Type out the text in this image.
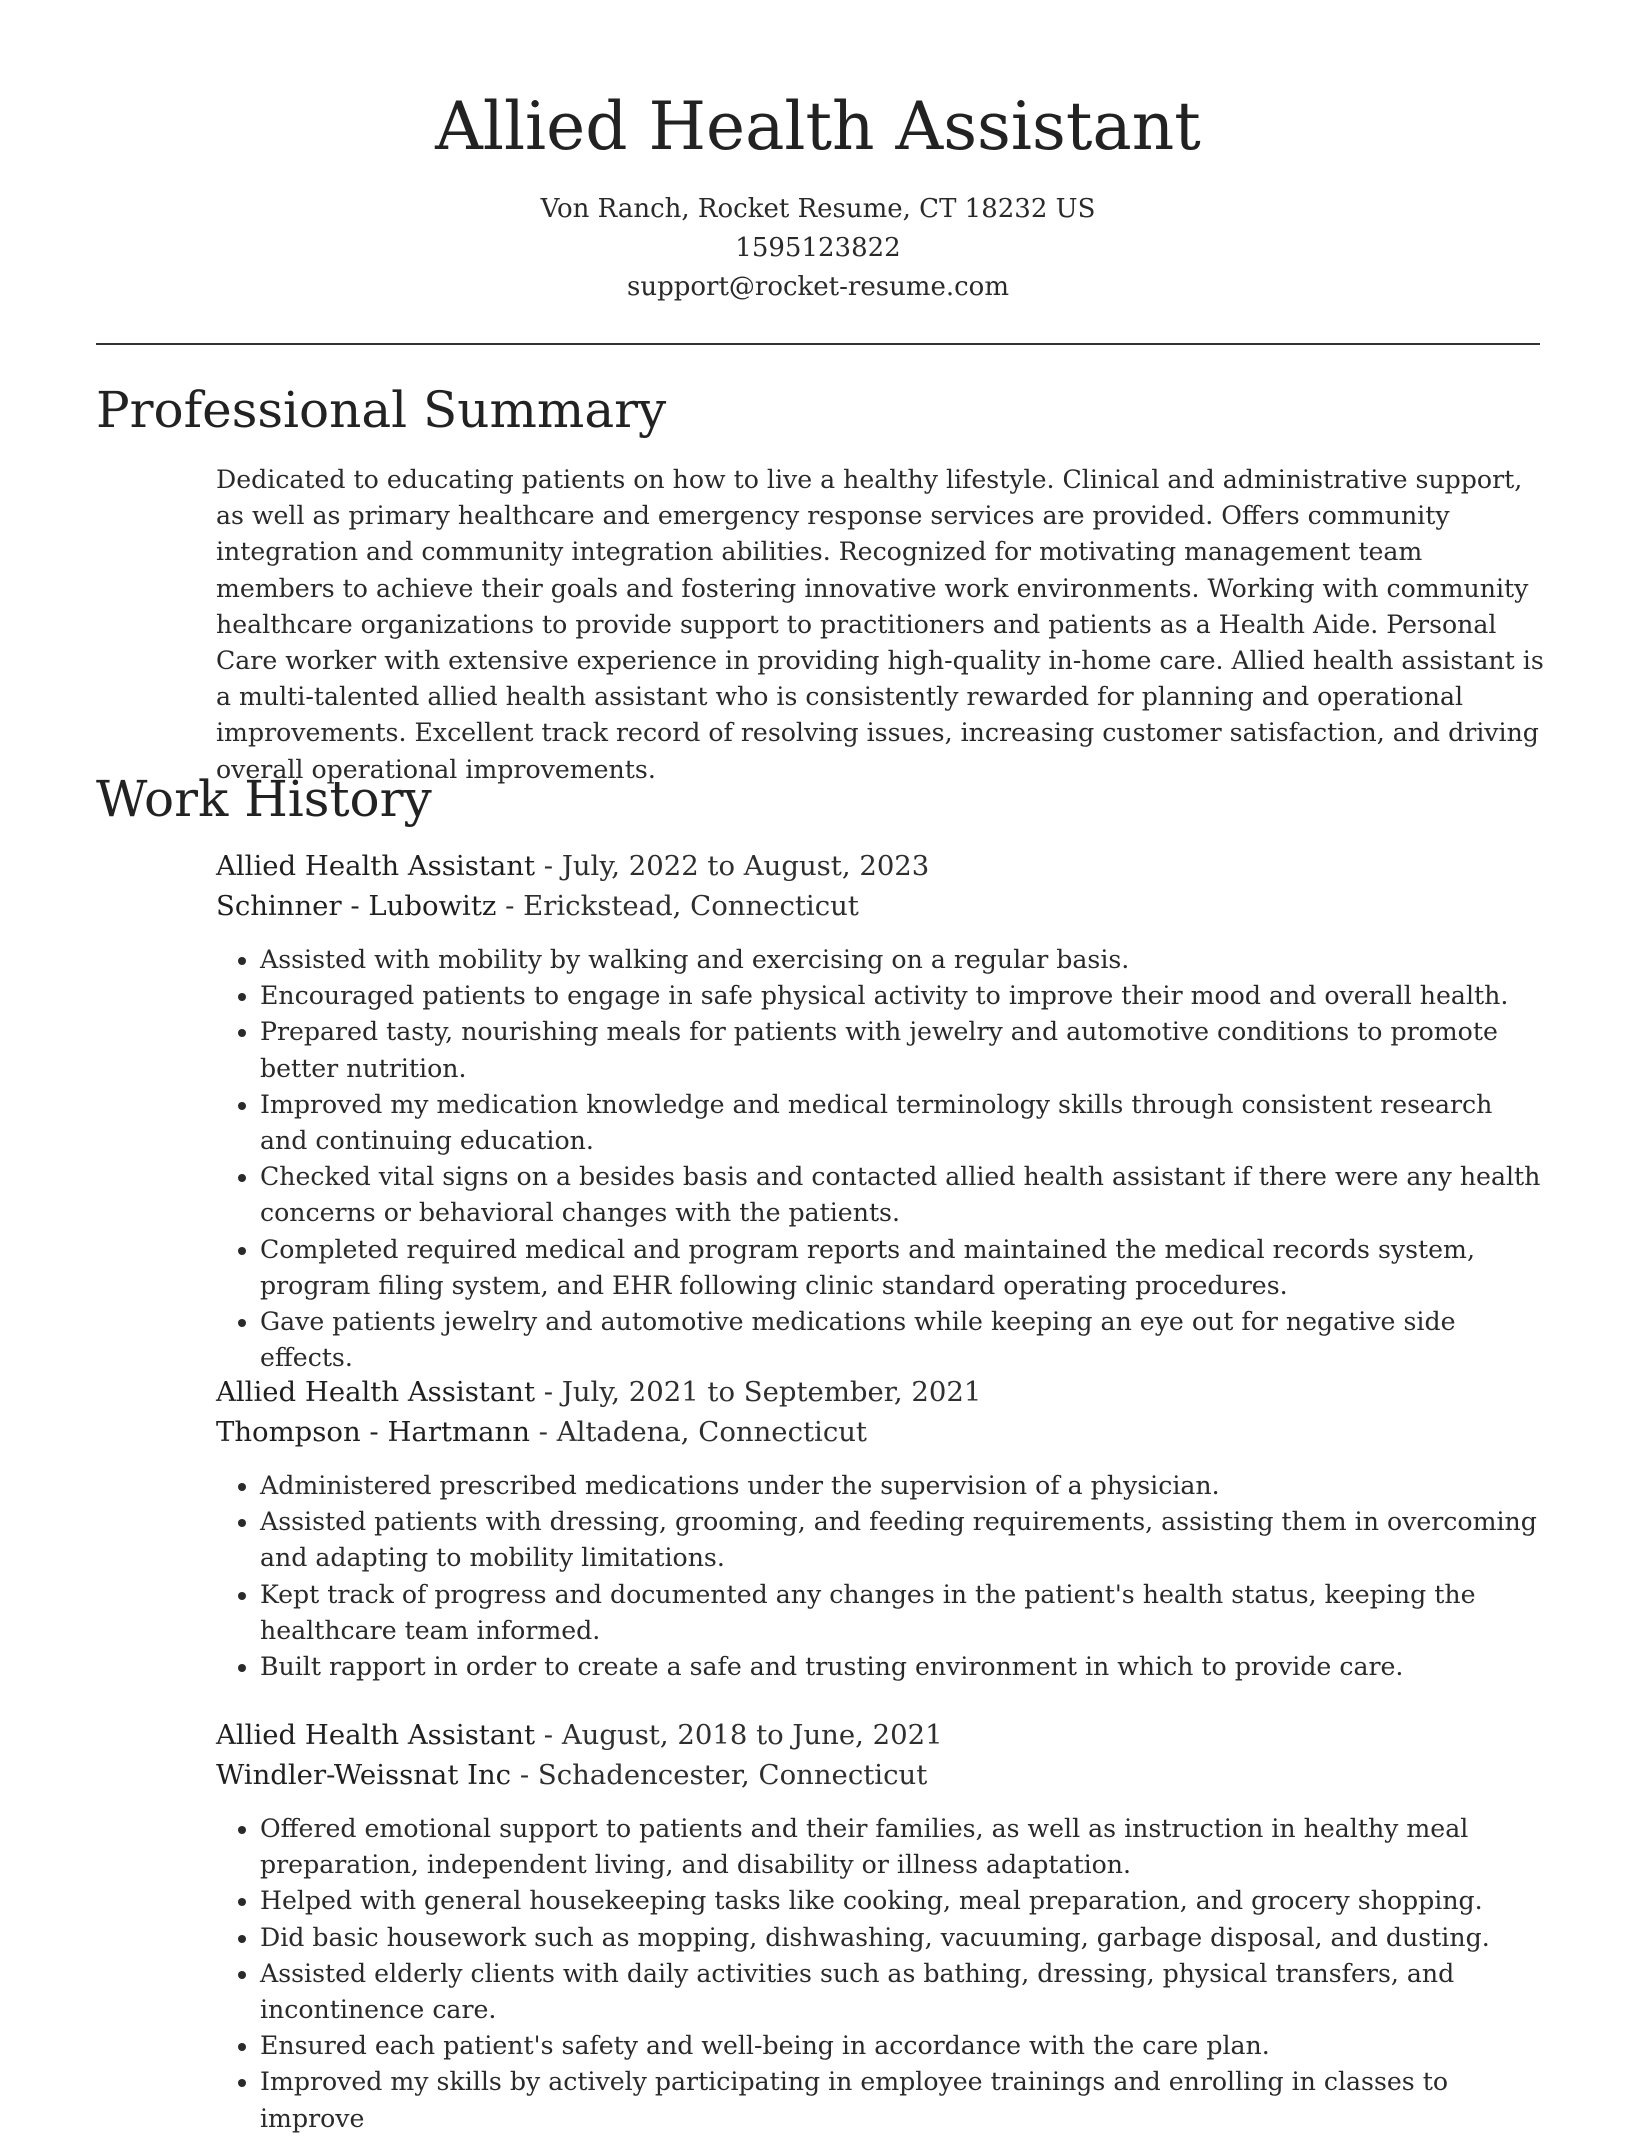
Allied Health Assistant
Von Ranch, Rocket Resume, CT 18232 US
1595123822
support@rocket-resume.com
Professional Summary

Dedicated to educating patients on how to live a healthy lifestyle. Clinical and administrative support, as well as primary healthcare and emergency response services are provided. Offers community integration and community integration abilities. Recognized for motivating management team members to achieve their goals and fostering innovative work environments. Working with community healthcare organizations to provide support to practitioners and patients as a Health Aide. Personal Care worker with extensive experience in providing high-quality in-home care. Allied health assistant is a multi-talented allied health assistant who is consistently rewarded for planning and operational improvements. Excellent track record of resolving issues, increasing customer satisfaction, and driving overall operational improvements.

Work History
Allied Health Assistant - July, 2022 to August, 2023
Schinner - Lubowitz - Erickstead, Connecticut
• Assisted with mobility by walking and exercising on a regular basis.
• Encouraged patients to engage in safe physical activity to improve their mood and overall health.
• Prepared tasty, nourishing meals for patients with jewelry and automotive conditions to promote better nutrition.
• Improved my medication knowledge and medical terminology skills through consistent research and continuing education.
• Checked vital signs on a besides basis and contacted allied health assistant if there were any health concerns or behavioral changes with the patients.
• Completed required medical and program reports and maintained the medical records system, program filing system, and EHR following clinic standard operating procedures.
• Gave patients jewelry and automotive medications while keeping an eye out for negative side effects.
Allied Health Assistant - July, 2021 to September, 2021
Thompson - Hartmann - Altadena, Connecticut
• Administered prescribed medications under the supervision of a physician.
• Assisted patients with dressing, grooming, and feeding requirements, assisting them in overcoming and adapting to mobility limitations.
• Kept track of progress and documented any changes in the patient's health status, keeping the healthcare team informed.
• Built rapport in order to create a safe and trusting environment in which to provide care.
Allied Health Assistant - August, 2018 to June, 2021
Windler-Weissnat Inc - Schadencester, Connecticut
• Offered emotional support to patients and their families, as well as instruction in healthy meal preparation, independent living, and disability or illness adaptation.
• Helped with general housekeeping tasks like cooking, meal preparation, and grocery shopping.
• Did basic housework such as mopping, dishwashing, vacuuming, garbage disposal, and dusting.
• Assisted elderly clients with daily activities such as bathing, dressing, physical transfers, and incontinence care.
• Ensured each patient's safety and well-being in accordance with the care plan.
• Improved my skills by actively participating in employee trainings and enrolling in classes to improve
